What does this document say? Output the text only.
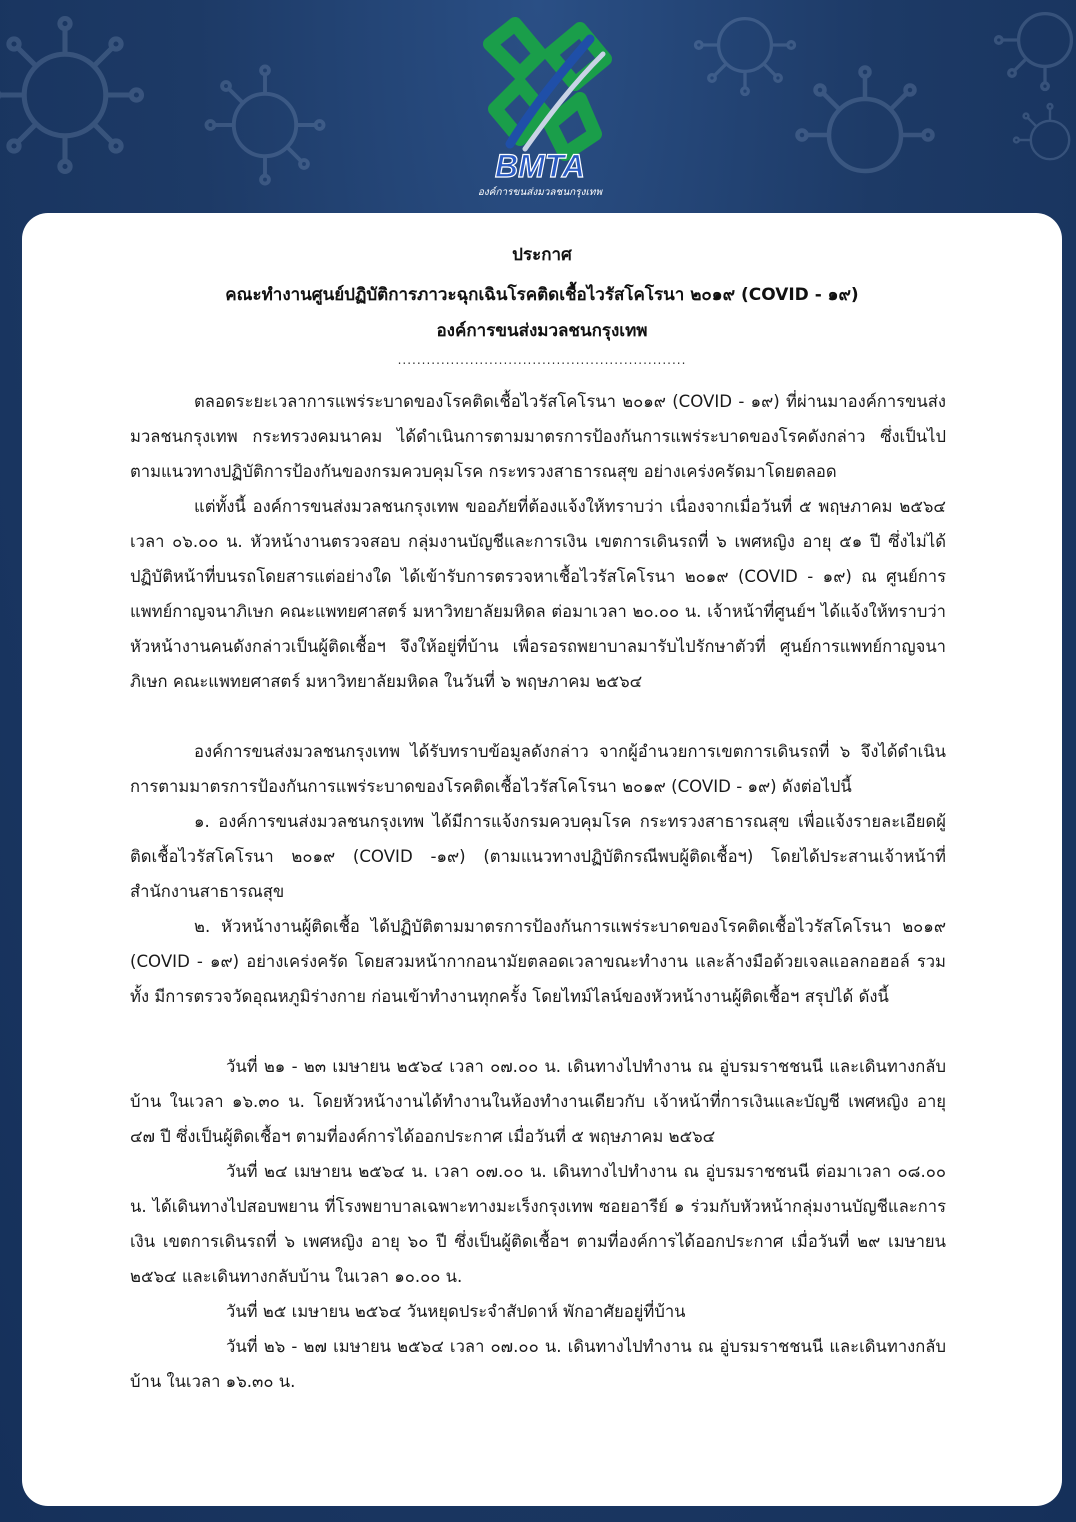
BMTA
องค์การขนส่งมวลชนกรุงเทพ
ประกาศ
คณะทำงานศูนย์ปฏิบัติการภาวะฉุกเฉินโรคติดเชื้อไวรัสโคโรนา ๒๐๑๙ (COVID - ๑๙)
องค์การขนส่งมวลชนกรุงเทพ
............................................................
ตลอดระยะเวลาการแพร่ระบาดของโรคติดเชื้อไวรัสโคโรนา ๒๐๑๙ (COVID - ๑๙) ที่ผ่านมาองค์การขนส่งมวลชนกรุงเทพ กระทรวงคมนาคม ได้ดำเนินการตามมาตรการป้องกันการแพร่ระบาดของโรคดังกล่าว ซึ่งเป็นไปตามแนวทางปฏิบัติการป้องกันของกรมควบคุมโรค กระทรวงสาธารณสุข อย่างเคร่งครัดมาโดยตลอด
แต่ทั้งนี้ องค์การขนส่งมวลชนกรุงเทพ ขออภัยที่ต้องแจ้งให้ทราบว่า เนื่องจากเมื่อวันที่ ๕ พฤษภาคม ๒๕๖๔ เวลา ๐๖.๐๐ น. หัวหน้างานตรวจสอบ กลุ่มงานบัญชีและการเงิน เขตการเดินรถที่ ๖ เพศหญิง อายุ ๕๑ ปี ซึ่งไม่ได้ปฏิบัติหน้าที่บนรถโดยสารแต่อย่างใด ได้เข้ารับการตรวจหาเชื้อไวรัสโคโรนา ๒๐๑๙ (COVID - ๑๙) ณ ศูนย์การแพทย์กาญจนาภิเษก คณะแพทยศาสตร์ มหาวิทยาลัยมหิดล ต่อมาเวลา ๒๐.๐๐ น. เจ้าหน้าที่ศูนย์ฯ ได้แจ้งให้ทราบว่า หัวหน้างานคนดังกล่าวเป็นผู้ติดเชื้อฯ จึงให้อยู่ที่บ้าน เพื่อรอรถพยาบาลมารับไปรักษาตัวที่ ศูนย์การแพทย์กาญจนาภิเษก คณะแพทยศาสตร์ มหาวิทยาลัยมหิดล ในวันที่ ๖ พฤษภาคม ๒๕๖๔
องค์การขนส่งมวลชนกรุงเทพ ได้รับทราบข้อมูลดังกล่าว จากผู้อำนวยการเขตการเดินรถที่ ๖ จึงได้ดำเนินการตามมาตรการป้องกันการแพร่ระบาดของโรคติดเชื้อไวรัสโคโรนา ๒๐๑๙ (COVID - ๑๙) ดังต่อไปนี้
๑. องค์การขนส่งมวลชนกรุงเทพ ได้มีการแจ้งกรมควบคุมโรค กระทรวงสาธารณสุข เพื่อแจ้งรายละเอียดผู้ติดเชื้อไวรัสโคโรนา ๒๐๑๙ (COVID -๑๙) (ตามแนวทางปฏิบัติกรณีพบผู้ติดเชื้อฯ) โดยได้ประสานเจ้าหน้าที่สำนักงานสาธารณสุข
๒. หัวหน้างานผู้ติดเชื้อ ได้ปฏิบัติตามมาตรการป้องกันการแพร่ระบาดของโรคติดเชื้อไวรัสโคโรนา ๒๐๑๙ (COVID - ๑๙) อย่างเคร่งครัด โดยสวมหน้ากากอนามัยตลอดเวลาขณะทำงาน และล้างมือด้วยเจลแอลกอฮอล์ รวมทั้ง มีการตรวจวัดอุณหภูมิร่างกาย ก่อนเข้าทำงานทุกครั้ง โดยไทม์ไลน์ของหัวหน้างานผู้ติดเชื้อฯ สรุปได้ ดังนี้
วันที่ ๒๑ - ๒๓ เมษายน ๒๕๖๔ เวลา ๐๗.๐๐ น. เดินทางไปทำงาน ณ อู่บรมราชชนนี และเดินทางกลับบ้าน ในเวลา ๑๖.๓๐ น. โดยหัวหน้างานได้ทำงานในห้องทำงานเดียวกับ เจ้าหน้าที่การเงินและบัญชี เพศหญิง อายุ ๔๗ ปี ซึ่งเป็นผู้ติดเชื้อฯ ตามที่องค์การได้ออกประกาศ เมื่อวันที่ ๕ พฤษภาคม ๒๕๖๔
วันที่ ๒๔ เมษายน ๒๕๖๔ น. เวลา ๐๗.๐๐ น. เดินทางไปทำงาน ณ อู่บรมราชชนนี ต่อมาเวลา ๐๘.๐๐ น. ได้เดินทางไปสอบพยาน ที่โรงพยาบาลเฉพาะทางมะเร็งกรุงเทพ ซอยอารีย์ ๑ ร่วมกับหัวหน้ากลุ่มงานบัญชีและการเงิน เขตการเดินรถที่ ๖ เพศหญิง อายุ ๖๐ ปี ซึ่งเป็นผู้ติดเชื้อฯ ตามที่องค์การได้ออกประกาศ เมื่อวันที่ ๒๙ เมษายน ๒๕๖๔ และเดินทางกลับบ้าน ในเวลา ๑๐.๐๐ น.
วันที่ ๒๕ เมษายน ๒๕๖๔ วันหยุดประจำสัปดาห์ พักอาศัยอยู่ที่บ้าน
วันที่ ๒๖ - ๒๗ เมษายน ๒๕๖๔ เวลา ๐๗.๐๐ น. เดินทางไปทำงาน ณ อู่บรมราชชนนี และเดินทางกลับบ้าน ในเวลา ๑๖.๓๐ น.
